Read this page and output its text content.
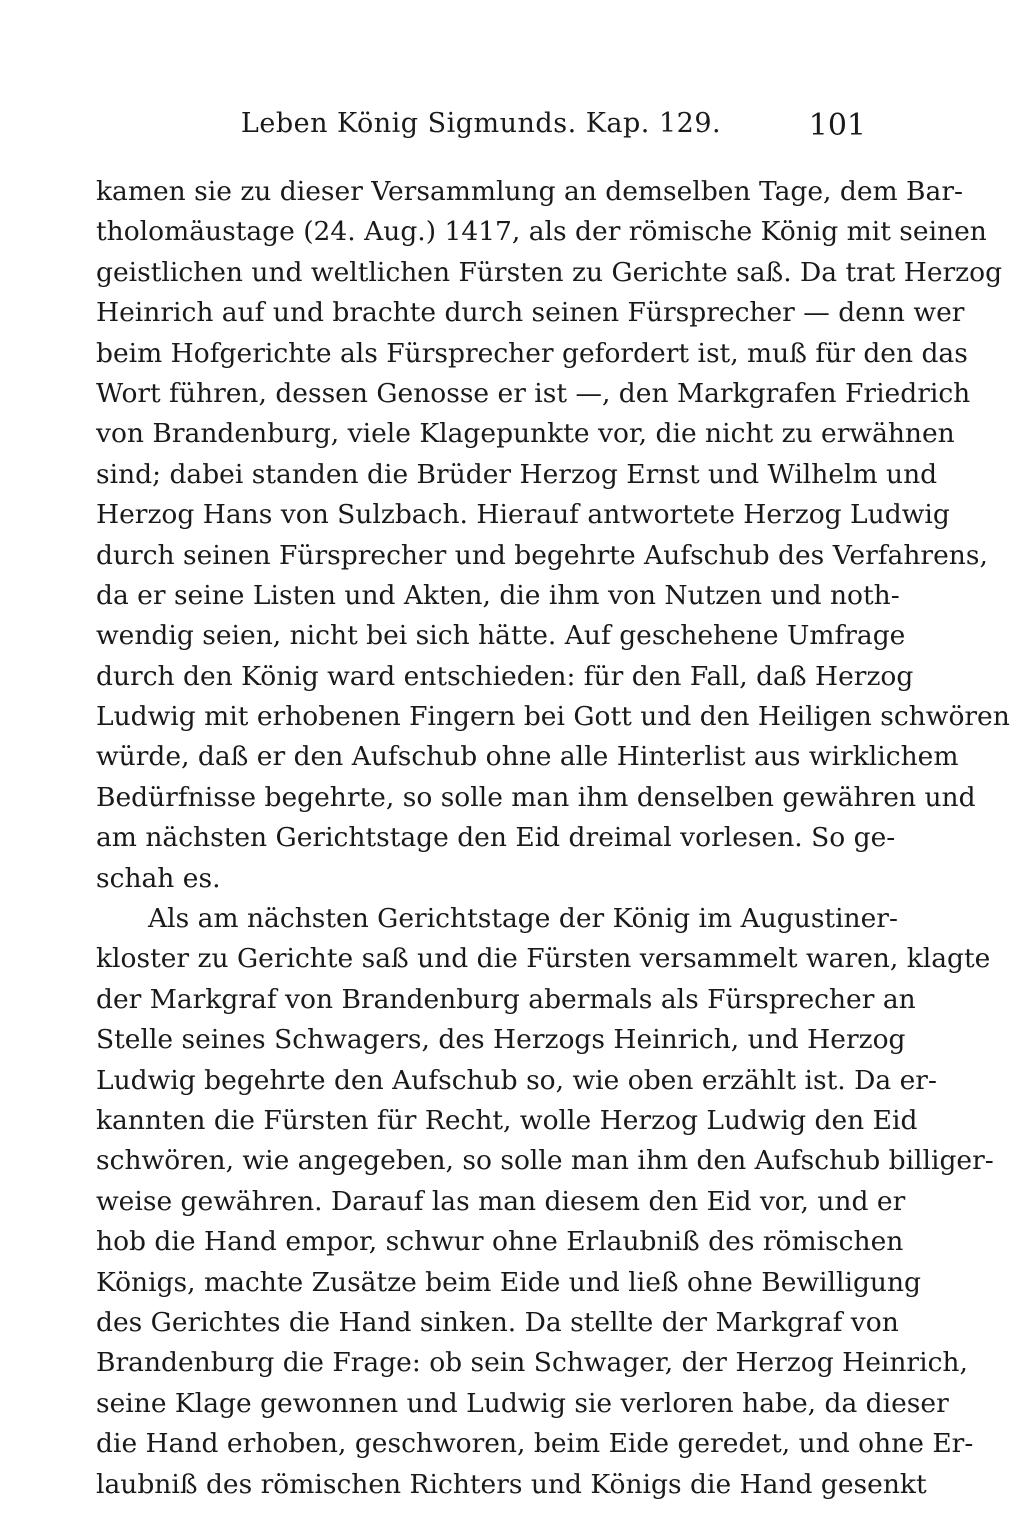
Leben König Sigmunds. Kap. 129.	101
kamen sie zu dieser Versammlung an demselben Tage, dem Bar-
tholomäustage (24. Aug.) 1417, als der römische König mit seinen
geistlichen und weltlichen Fürsten zu Gerichte saß. Da trat Herzog
Heinrich auf und brachte durch seinen Fürsprecher — denn wer
beim Hofgerichte als Fürsprecher gefordert ist, muß für den das
Wort führen, dessen Genosse er ist —, den Markgrafen Friedrich
von Brandenburg, viele Klagepunkte vor, die nicht zu erwähnen
sind; dabei standen die Brüder Herzog Ernst und Wilhelm und
Herzog Hans von Sulzbach. Hierauf antwortete Herzog Ludwig
durch seinen Fürsprecher und begehrte Aufschub des Verfahrens,
da er seine Listen und Akten, die ihm von Nutzen und noth-
wendig seien, nicht bei sich hätte. Auf geschehene Umfrage
durch den König ward entschieden: für den Fall, daß Herzog
Ludwig mit erhobenen Fingern bei Gott und den Heiligen schwören
würde, daß er den Aufschub ohne alle Hinterlist aus wirklichem
Bedürfnisse begehrte, so solle man ihm denselben gewähren und
am nächsten Gerichtstage den Eid dreimal vorlesen. So ge-
schah es.
Als am nächsten Gerichtstage der König im Augustiner-
kloster zu Gerichte saß und die Fürsten versammelt waren, klagte
der Markgraf von Brandenburg abermals als Fürsprecher an
Stelle seines Schwagers, des Herzogs Heinrich, und Herzog
Ludwig begehrte den Aufschub so, wie oben erzählt ist. Da er-
kannten die Fürsten für Recht, wolle Herzog Ludwig den Eid
schwören, wie angegeben, so solle man ihm den Aufschub billiger-
weise gewähren. Darauf las man diesem den Eid vor, und er
hob die Hand empor, schwur ohne Erlaubniß des römischen
Königs, machte Zusätze beim Eide und ließ ohne Bewilligung
des Gerichtes die Hand sinken. Da stellte der Markgraf von
Brandenburg die Frage: ob sein Schwager, der Herzog Heinrich,
seine Klage gewonnen und Ludwig sie verloren habe, da dieser
die Hand erhoben, geschworen, beim Eide geredet, und ohne Er-
laubniß des römischen Richters und Königs die Hand gesenkt
